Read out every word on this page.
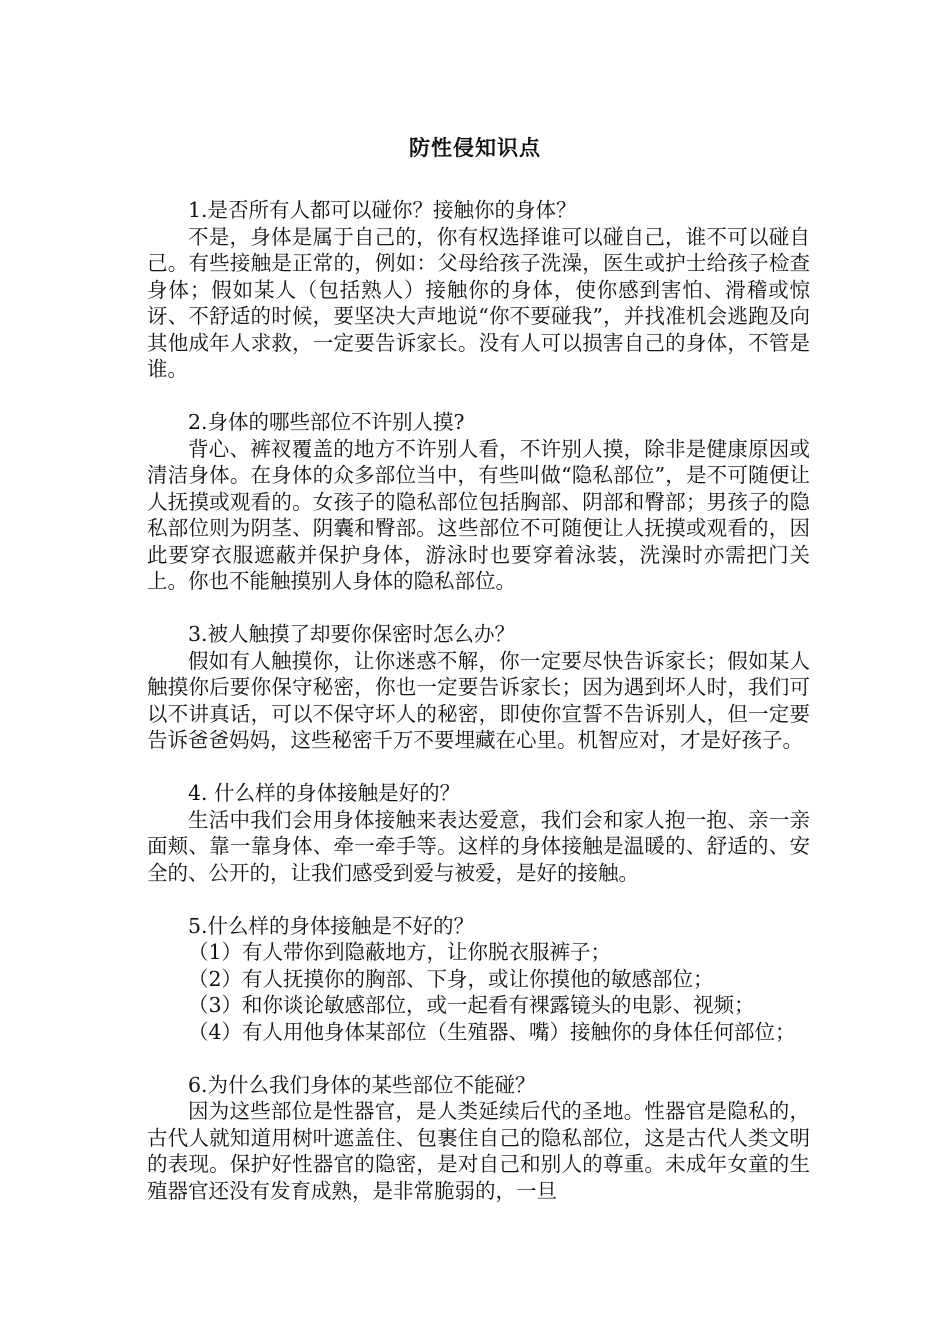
防性侵知识点
1.是否所有人都可以碰你？接触你的身体？
不是，身体是属于自己的，你有权选择谁可以碰自己，谁不可以碰自己。有些接触是正常的，例如：父母给孩子洗澡，医生或护士给孩子检查身体；假如某人（包括熟人）接触你的身体，使你感到害怕、滑稽或惊讶、不舒适的时候，要坚决大声地说“你不要碰我”，并找准机会逃跑及向其他成年人求救，一定要告诉家长。没有人可以损害自己的身体，不管是谁。
2.身体的哪些部位不许别人摸?
背心、裤衩覆盖的地方不许别人看，不许别人摸，除非是健康原因或清洁身体。在身体的众多部位当中，有些叫做“隐私部位”，是不可随便让人抚摸或观看的。女孩子的隐私部位包括胸部、阴部和臀部；男孩子的隐私部位则为阴茎、阴囊和臀部。这些部位不可随便让人抚摸或观看的，因此要穿衣服遮蔽并保护身体，游泳时也要穿着泳装，洗澡时亦需把门关上。你也不能触摸别人身体的隐私部位。
3.被人触摸了却要你保密时怎么办？
假如有人触摸你，让你迷惑不解，你一定要尽快告诉家长；假如某人触摸你后要你保守秘密，你也一定要告诉家长；因为遇到坏人时，我们可以不讲真话，可以不保守坏人的秘密，即使你宣誓不告诉别人，但一定要告诉爸爸妈妈，这些秘密千万不要埋藏在心里。机智应对，才是好孩子。
4. 什么样的身体接触是好的？
生活中我们会用身体接触来表达爱意，我们会和家人抱一抱、亲一亲面颊、靠一靠身体、牵一牵手等。这样的身体接触是温暖的、舒适的、安全的、公开的，让我们感受到爱与被爱，是好的接触。
5.什么样的身体接触是不好的？
（1）有人带你到隐蔽地方，让你脱衣服裤子；
（2）有人抚摸你的胸部、下身，或让你摸他的敏感部位；
（3）和你谈论敏感部位，或一起看有裸露镜头的电影、视频；
（4）有人用他身体某部位（生殖器、嘴）接触你的身体任何部位；
6.为什么我们身体的某些部位不能碰？
因为这些部位是性器官，是人类延续后代的圣地。性器官是隐私的，古代人就知道用树叶遮盖住、包裹住自己的隐私部位，这是古代人类文明的表现。保护好性器官的隐密，是对自己和别人的尊重。未成年女童的生殖器官还没有发育成熟，是非常脆弱的，一旦
